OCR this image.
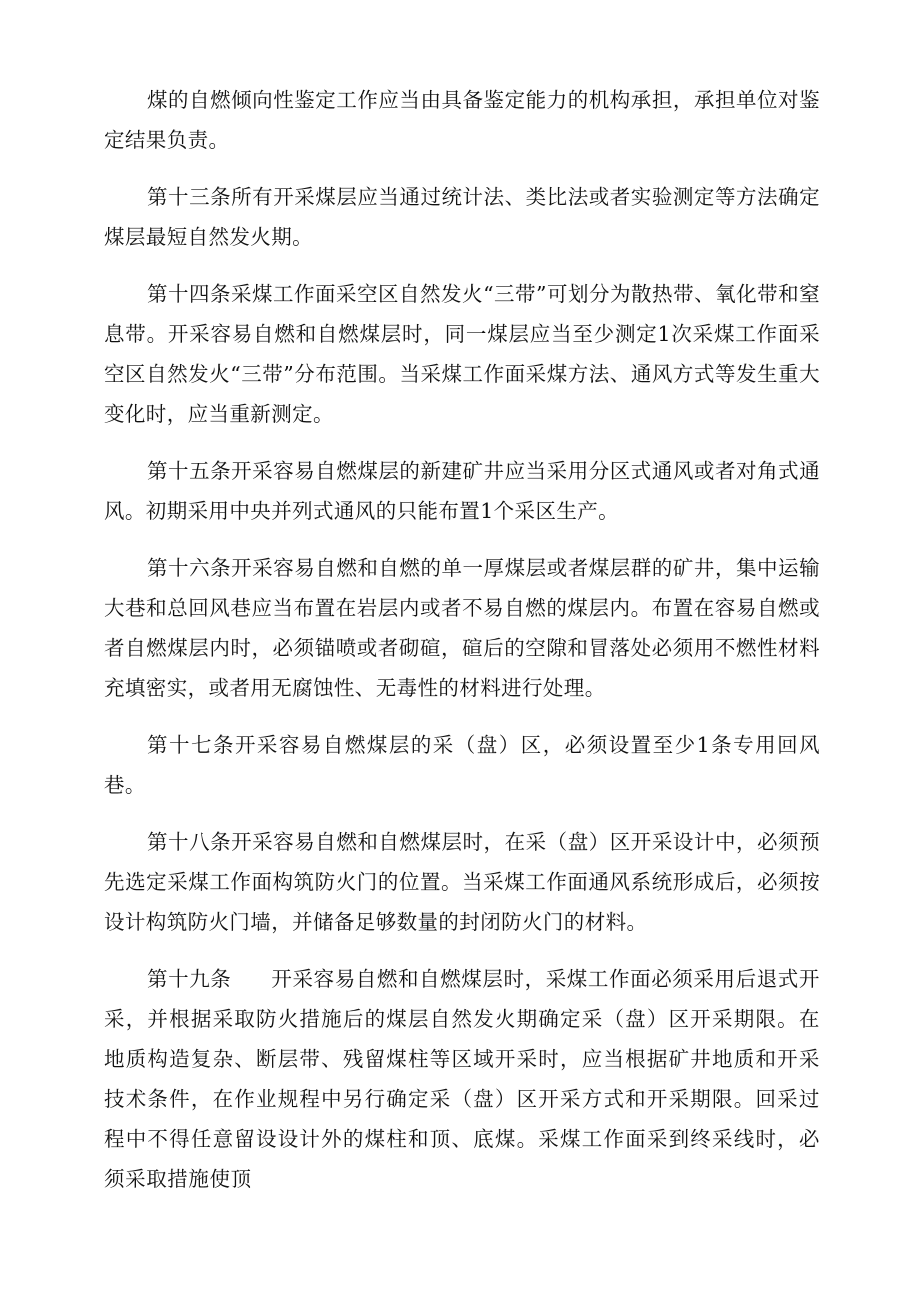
煤的自燃倾向性鉴定工作应当由具备鉴定能力的机构承担，承担单位对鉴定结果负责。

第十三条所有开采煤层应当通过统计法、类比法或者实验测定等方法确定煤层最短自然发火期。

第十四条采煤工作面采空区自然发火“三带”可划分为散热带、氧化带和窒息带。开采容易自燃和自燃煤层时，同一煤层应当至少测定1次采煤工作面采空区自然发火“三带”分布范围。当采煤工作面采煤方法、通风方式等发生重大变化时，应当重新测定。

第十五条开采容易自燃煤层的新建矿井应当采用分区式通风或者对角式通风。初期采用中央并列式通风的只能布置1个采区生产。

第十六条开采容易自燃和自燃的单一厚煤层或者煤层群的矿井，集中运输大巷和总回风巷应当布置在岩层内或者不易自燃的煤层内。布置在容易自燃或者自燃煤层内时，必须锚喷或者砌碹，碹后的空隙和冒落处必须用不燃性材料充填密实，或者用无腐蚀性、无毒性的材料进行处理。

第十七条开采容易自燃煤层的采（盘）区，必须设置至少1条专用回风巷。

第十八条开采容易自燃和自燃煤层时，在采（盘）区开采设计中，必须预先选定采煤工作面构筑防火门的位置。当采煤工作面通风系统形成后，必须按设计构筑防火门墙，并储备足够数量的封闭防火门的材料。

第十九条 开采容易自燃和自燃煤层时，采煤工作面必须采用后退式开采，并根据采取防火措施后的煤层自然发火期确定采（盘）区开采期限。在地质构造复杂、断层带、残留煤柱等区域开采时，应当根据矿井地质和开采技术条件，在作业规程中另行确定采（盘）区开采方式和开采期限。回采过程中不得任意留设设计外的煤柱和顶、底煤。采煤工作面采到终采线时，必须采取措施使顶
